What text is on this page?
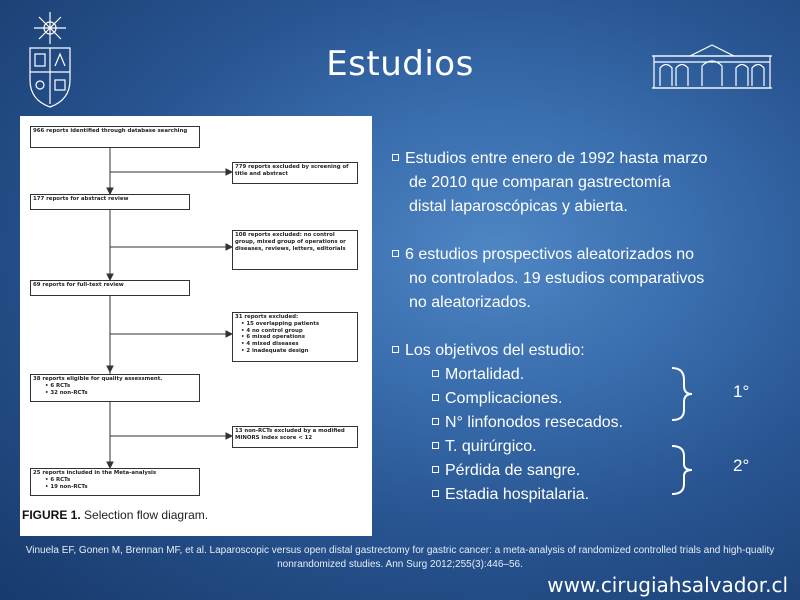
Estudios
966 reports identified through database searching
779 reports excluded by screening of title and abstract
177 reports for abstract review
108 reports excluded: no control group, mixed group of operations or diseases, reviews, letters, editorials
69 reports for full-text review
31 reports excluded:
• 15 overlapping patients
• 4 no control group
• 6 mixed operations
• 4 mixed diseases
• 2 inadequate design
38 reports eligible for quality assessment.
• 6 RCTs
• 32 non-RCTs
13 non-RCTs excluded by a modified MINORS index score < 12
25 reports included in the Meta-analysis
• 6 RCTs
• 19 non-RCTs
FIGURE 1. Selection flow diagram.
Estudios entre enero de 1992 hasta marzo
de 2010 que comparan gastrectomía
distal laparoscópicas y abierta.
6 estudios prospectivos aleatorizados no
no controlados. 19 estudios comparativos
no aleatorizados.
Los objetivos del estudio:
Mortalidad.
Complicaciones.
N° linfonodos resecados.
T. quirúrgico.
Pérdida de sangre.
Estadia hospitalaria.
1°
2°
Vinuela EF, Gonen M, Brennan MF, et al. Laparoscopic versus open distal gastrectomy for gastric cancer: a meta-analysis of randomized controlled trials and high-quality nonrandomized studies. Ann Surg 2012;255(3):446–56.
www.cirugiahsalvador.cl
